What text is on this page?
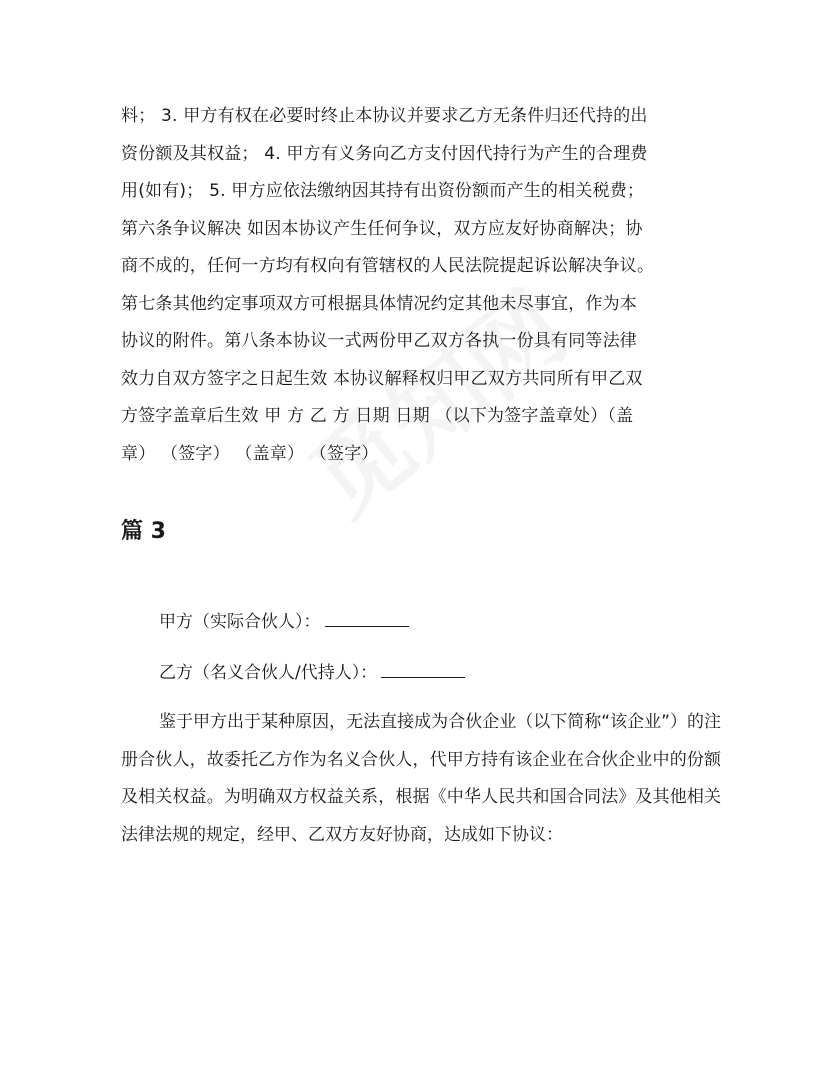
料； 3. 甲方有权在必要时终止本协议并要求乙方无条件归还代持的出
资份额及其权益； 4. 甲方有义务向乙方支付因代持行为产生的合理费
用(如有)； 5. 甲方应依法缴纳因其持有出资份额而产生的相关税费；
第六条争议解决 如因本协议产生任何争议，双方应友好协商解决；协
商不成的，任何一方均有权向有管辖权的人民法院提起诉讼解决争议。
第七条其他约定事项双方可根据具体情况约定其他未尽事宜，作为本
协议的附件。第八条本协议一式两份甲乙双方各执一份具有同等法律
效力自双方签字之日起生效 本协议解释权归甲乙双方共同所有甲乙双
方签字盖章后生效 甲 方 乙 方 日期 日期 （以下为签字盖章处）（盖
章） （签字） （盖章） （签字）
篇 3
甲方（实际合伙人）：
乙方（名义合伙人/代持人）：
鉴于甲方出于某种原因，无法直接成为合伙企业（以下简称“该企业”）的注册合伙人，故委托乙方作为名义合伙人，代甲方持有该企业在合伙企业中的份额及相关权益。为明确双方权益关系，根据《中华人民共和国合同法》及其他相关法律法规的规定，经甲、乙双方友好协商，达成如下协议：
